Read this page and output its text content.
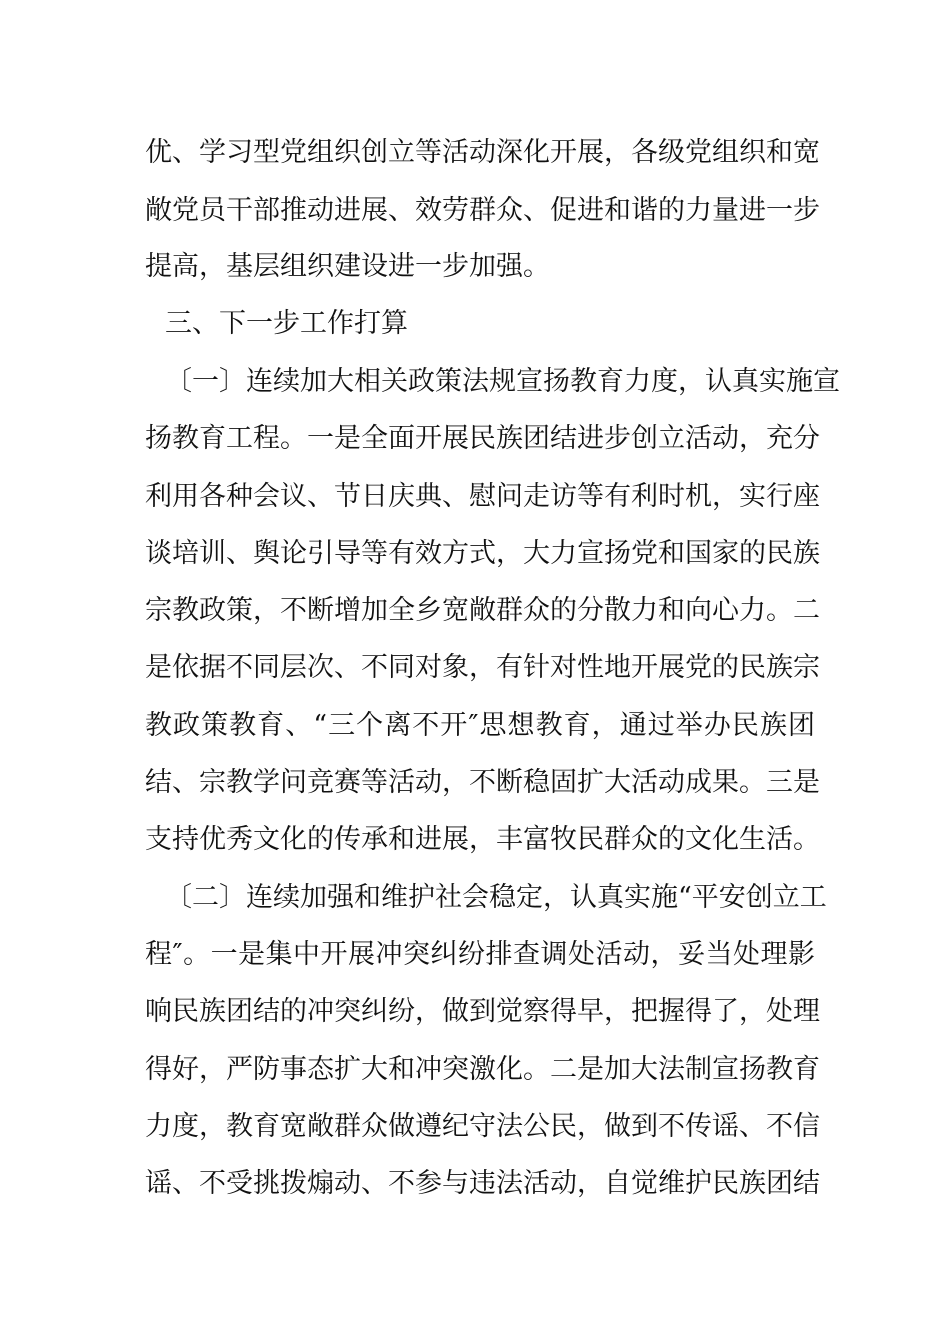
优、学习型党组织创立等活动深化开展，各级党组织和宽
敞党员干部推动进展、效劳群众、促进和谐的力量进一步
提高，基层组织建设进一步加强。
三、下一步工作打算
〔一〕连续加大相关政策法规宣扬教育力度，认真实施宣
扬教育工程。一是全面开展民族团结进步创立活动，充分
利用各种会议、节日庆典、慰问走访等有利时机，实行座
谈培训、舆论引导等有效方式，大力宣扬党和国家的民族
宗教政策，不断增加全乡宽敞群众的分散力和向心力。二
是依据不同层次、不同对象，有针对性地开展党的民族宗
教政策教育、“三个离不开″思想教育，通过举办民族团
结、宗教学问竞赛等活动，不断稳固扩大活动成果。三是
支持优秀文化的传承和进展，丰富牧民群众的文化生活。
〔二〕连续加强和维护社会稳定，认真实施“平安创立工
程″。一是集中开展冲突纠纷排查调处活动，妥当处理影
响民族团结的冲突纠纷，做到觉察得早，把握得了，处理
得好，严防事态扩大和冲突激化。二是加大法制宣扬教育
力度，教育宽敞群众做遵纪守法公民，做到不传谣、不信
谣、不受挑拨煽动、不参与违法活动，自觉维护民族团结
